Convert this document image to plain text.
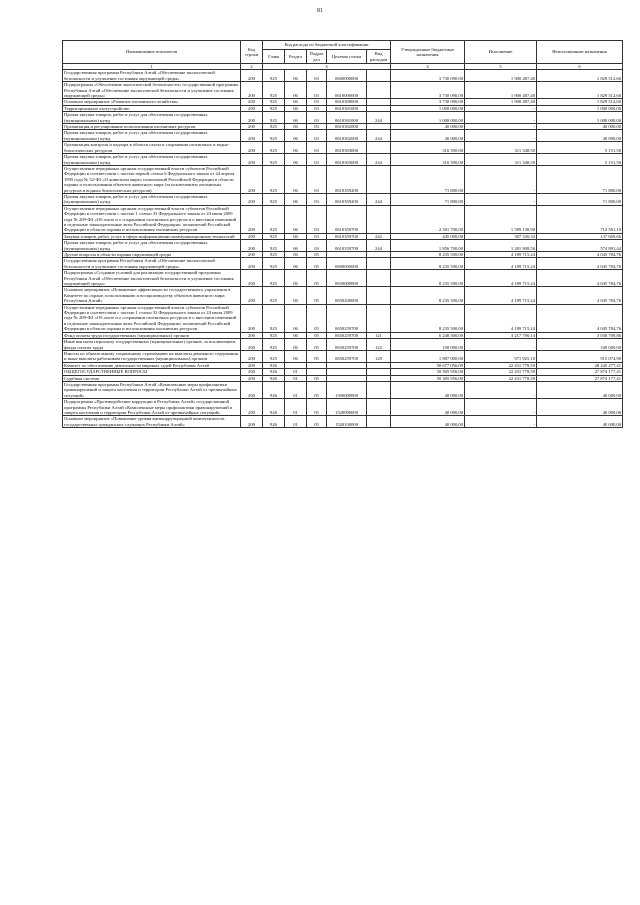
81
Наименование показателя	Код строки	Код расхода по бюджетной классификации					Утвержденные бюджетные назначения	Исполнение	Неисполненные назначения
		Глава	Раздел	Подраз дел	Целевая статья	Вид расходов			
1	2	3					4	5	6
Государственная программа Республики Алтай «Обеспечение экологической безопасности и улучшение состояния окружающей среды»	200	925	06	03	0600000000		3 730 090,00	1 900 487,40	1 829 512,60
Подпрограмма «Обеспечение экологической безопасности» государственной программы Республики Алтай «Обеспечение экологической безопасности и улучшение состояния окружающей среды»	200	925	06	03	0610000000		3 730 090,00	1 900 487,40	1 829 512,60
Основное мероприятие «Развитие охотничьего хозяйства»	200	925	06	03	0610300000		3 730 090,00	1 900 487,40	1 829 512,60
Территориальное охотустройство	200	925	06	03	0610301000		1 000 000,00	-	1 000 000,00
Прочая закупка товаров, работ и услуг для обеспечения государственных (муниципальных) нужд	200	925	06	03	0610301000	244	1 000 000,00	-	1 000 000,00
Организация и регулирование использования охотничьих ресурсов	200	925	06	03	0610302000		40 000,00	-	40 000,00
Прочая закупка товаров, работ и услуг для обеспечения государственных (муниципальных) нужд	200	925	06	03	0610302000	244	40 000,00	-	40 000,00
Организация контроля и надзора в области охоты и сохранения охотничьих и водно-биологических ресурсов	200	925	06	03	0610303000		316 590,00	311 348,50	5 151,50
Прочая закупка товаров, работ и услуг для обеспечения государственных (муниципальных) нужд	200	925	06	03	0610303000	244	316 590,00	311 348,50	5 151,50
Осуществление переданных органам государственной власти субъектов Российской Федерации в соответствии с частью первой статьи 6 Федерального закона от 24 апреля 1995 года № 52-ФЗ «О животном мире» полномочий Российской Федерации в области охраны и использования объектов животного мира (за исключением охотничьих ресурсов и водных биологических ресурсов)	200	925	06	03	0610359200		71 800,00	-	71 800,00
Прочая закупка товаров, работ и услуг для обеспечения государственных (муниципальных) нужд	200	925	06	03	0610359200	244	71 800,00	-	71 800,00
Осуществление переданных органам государственной власти субъектов Российской Федерации в соответствии с частью 1 статьи 33 Федерального закона от 24 июля 2009 года № 209-ФЗ «Об охоте и о сохранении охотничьих ресурсов и о внесении изменений в отдельные законодательные акты Российской Федерации» полномочий Российской Федерации в области охраны и использования охотничьих ресурсов	200	925	06	03	0610359700		2 301 700,00	1 589 138,90	712 561,10
Закупка товаров, работ, услуг в сфере информационно-коммуникационных технологий	200	925	06	03	0610359700	242	445 000,00	307 330,34	137 669,66
Прочая закупка товаров, работ и услуг для обеспечения государственных (муниципальных) нужд	200	925	06	03	0610359700	244	1 856 700,00	1 281 808,56	574 891,44
Другие вопросы в области охраны окружающей среды	200	925	06	05			8 235 500,00	4 189 715,24	4 045 784,76
Государственная программа Республики Алтай «Обеспечение экологической безопасности и улучшение состояния окружающей среды»	200	925	06	05	0600000000		8 235 500,00	4 189 715,24	4 045 784,76
Подпрограмма «Создание условий для реализации государственной программы Республики Алтай «Обеспечение экологической безопасности и улучшение состояния окружающей среды»	200	925	06	05	0650000000		8 235 500,00	4 189 715,24	4 045 784,76
Основное мероприятие «Повышение эффективности государственного управления в Комитете по охране, использованию и воспроизводству объектов животного мира Республики Алтай»	200	925	06	05	0650200000		8 235 500,00	4 189 715,24	4 045 784,76
Осуществление переданных органам государственной власти субъектов Российской Федерации в соответствии с частью 1 статьи 33 Федерального закона от 24 июля 2009 года № 209-ФЗ «Об охоте и о сохранении охотничьих ресурсов и о внесении изменений в отдельные законодательные акты Российской Федерации» полномочий Российской Федерации в области охраны и использования охотничьих ресурсов	200	925	06	05	0650259700		8 235 500,00	4 189 715,24	4 045 784,76
Фонд оплаты труда государственных (муниципальных) органов	200	925	06	05	0650259700	121	6 248 500,00	3 217 790,14	3 030 709,86
Иные выплаты персоналу государственных (муниципальных) органов, за исключением фонда оплаты труда	200	925	06	05	0650259700	122	100 000,00	-	100 000,00
Взносы по обязательному социальному страхованию на выплаты денежного содержания и иные выплаты работникам государственных (муниципальных) органов	200	925	06	05	0650259700	129	1 887 000,00	971 925,10	915 074,90
Комитет по обеспечению деятельности мировых судей Республики Алтай	200	926					50 677 056,09	22 431 778,59	28 245 277,41
ОБЩЕГОСУДАРСТВЕННЫЕ ВОПРОСЫ	200	926	01				50 305 956,00	22 431 778,59	27 874 177,41
Судебная система	200	926	01	05			50 305 956,00	22 431 778,59	27 874 177,41
Государственная программа Республики Алтай «Комплексные меры профилактики правонарушений и защита населения и территории Республики Алтай от чрезвычайных ситуаций»	200	926	01	05	1500000000		40 000,00	-	40 000,00
Подпрограмма «Противодействие коррупции в Республике Алтай» государственной программы Республики Алтай «Комплексные меры профилактики правонарушений и защита населения и территории Республики Алтай от чрезвычайных ситуаций»	200	926	01	05	1520000000		40 000,00	-	40 000,00
Основное мероприятие «Повышение уровня антикоррупционной компетентности государственных гражданских служащих Республики Алтай»	200	926	01	05	1520100000		40 000,00	-	40 000,00
